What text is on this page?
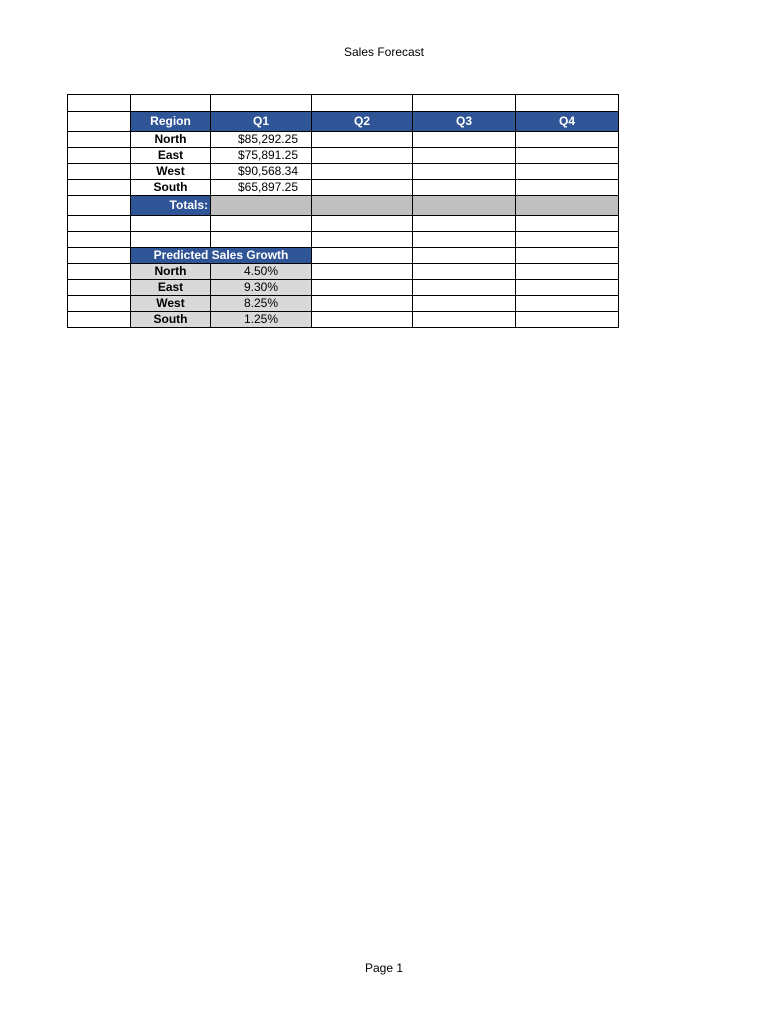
Sales Forecast

	Region	Q1	Q2	Q3	Q4
	North	$85,292.25			
	East	$75,891.25			
	West	$90,568.34			
	South	$65,897.25			
	Totals:				

	Predicted Sales Growth				
	North	4.50%			
	East	9.30%			
	West	8.25%			
	South	1.25%			
Page 1
